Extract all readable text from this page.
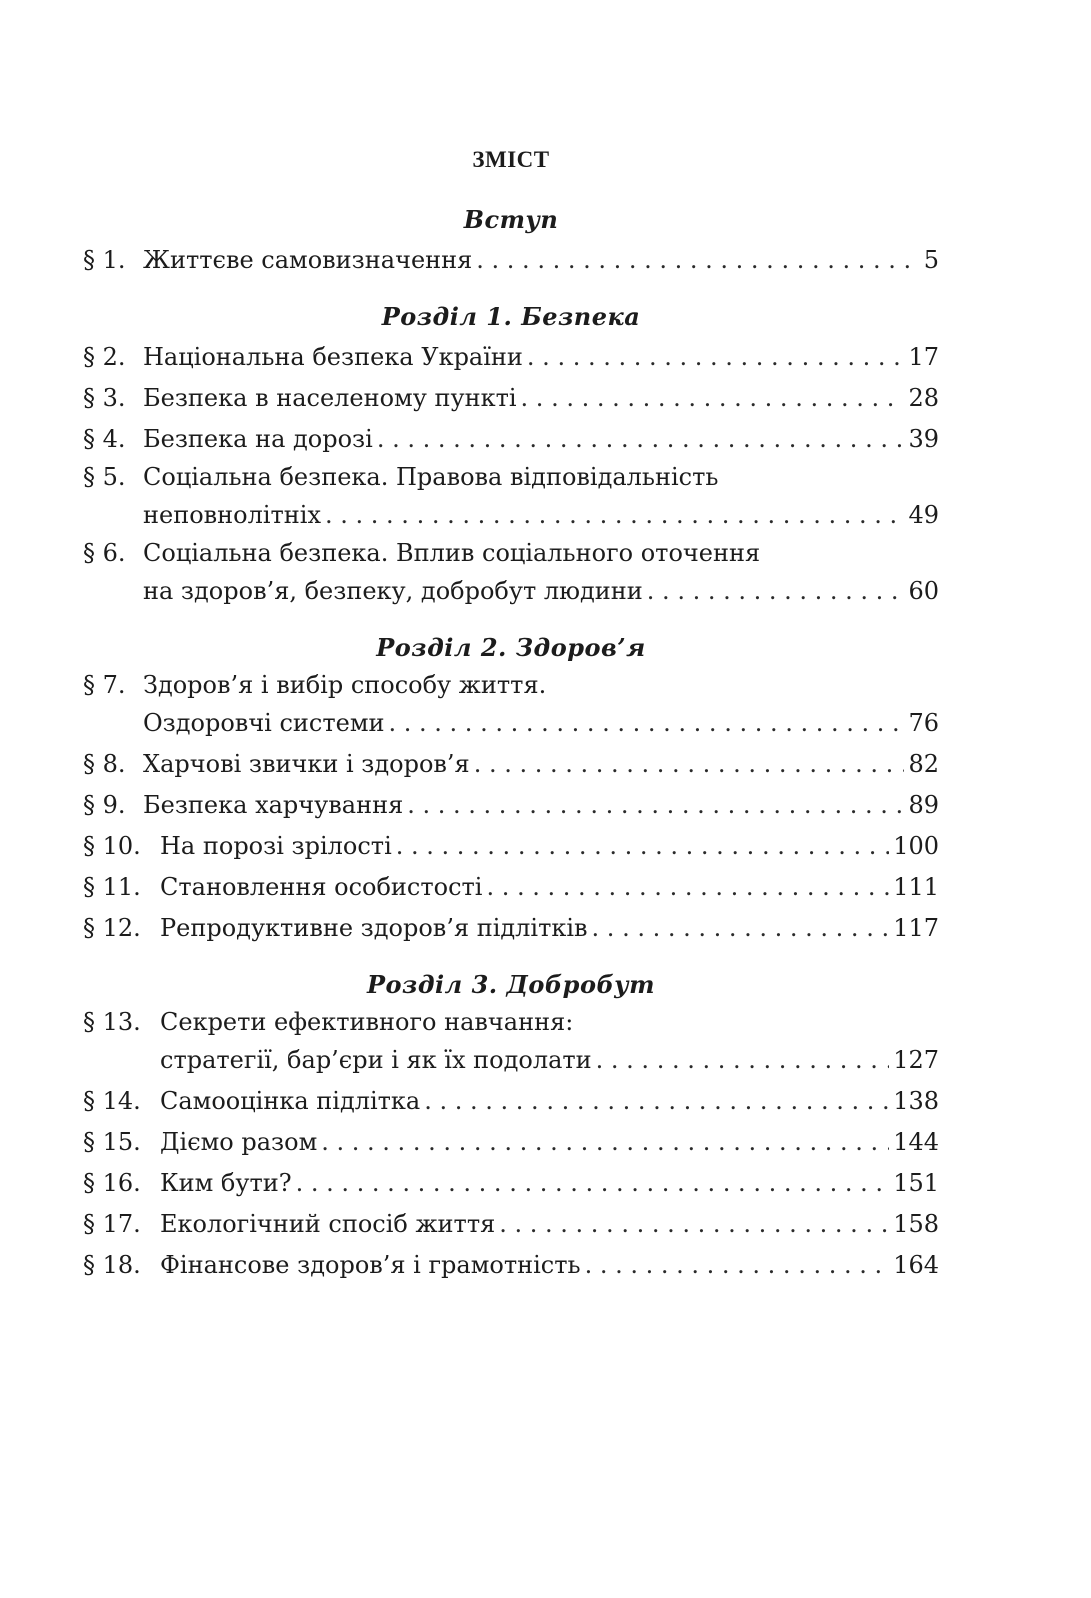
ЗМІСТ
Вступ
§ 1. Життєве самовизначення . . .	5
Розділ 1. Безпека
§ 2. Національна безпека України . . .	17
§ 3. Безпека в населеному пункті . . .	28
§ 4. Безпека на дорозі . . .	39
§ 5. Соціальна безпека. Правова відповідальність
неповнолітніх . . .	49
§ 6. Соціальна безпека. Вплив соціального оточення
на здоров’я, безпеку, добробут людини . . .	60
Розділ 2. Здоров’я
§ 7. Здоров’я і вибір способу життя.
Оздоровчі системи . . .	76
§ 8. Харчові звички і здоров’я . . .	82
§ 9. Безпека харчування . . .	89
§ 10. На порозі зрілості . . .	100
§ 11. Становлення особистості . . .	111
§ 12. Репродуктивне здоров’я підлітків . . .	117
Розділ 3. Добробут
§ 13. Секрети ефективного навчання:
стратегії, бар’єри і як їх подолати . . .	127
§ 14. Самооцінка підлітка . . .	138
§ 15. Діємо разом . . .	144
§ 16. Ким бути? . . .	151
§ 17. Екологічний спосіб життя . . .	158
§ 18. Фінансове здоров’я і грамотність . . .	164
